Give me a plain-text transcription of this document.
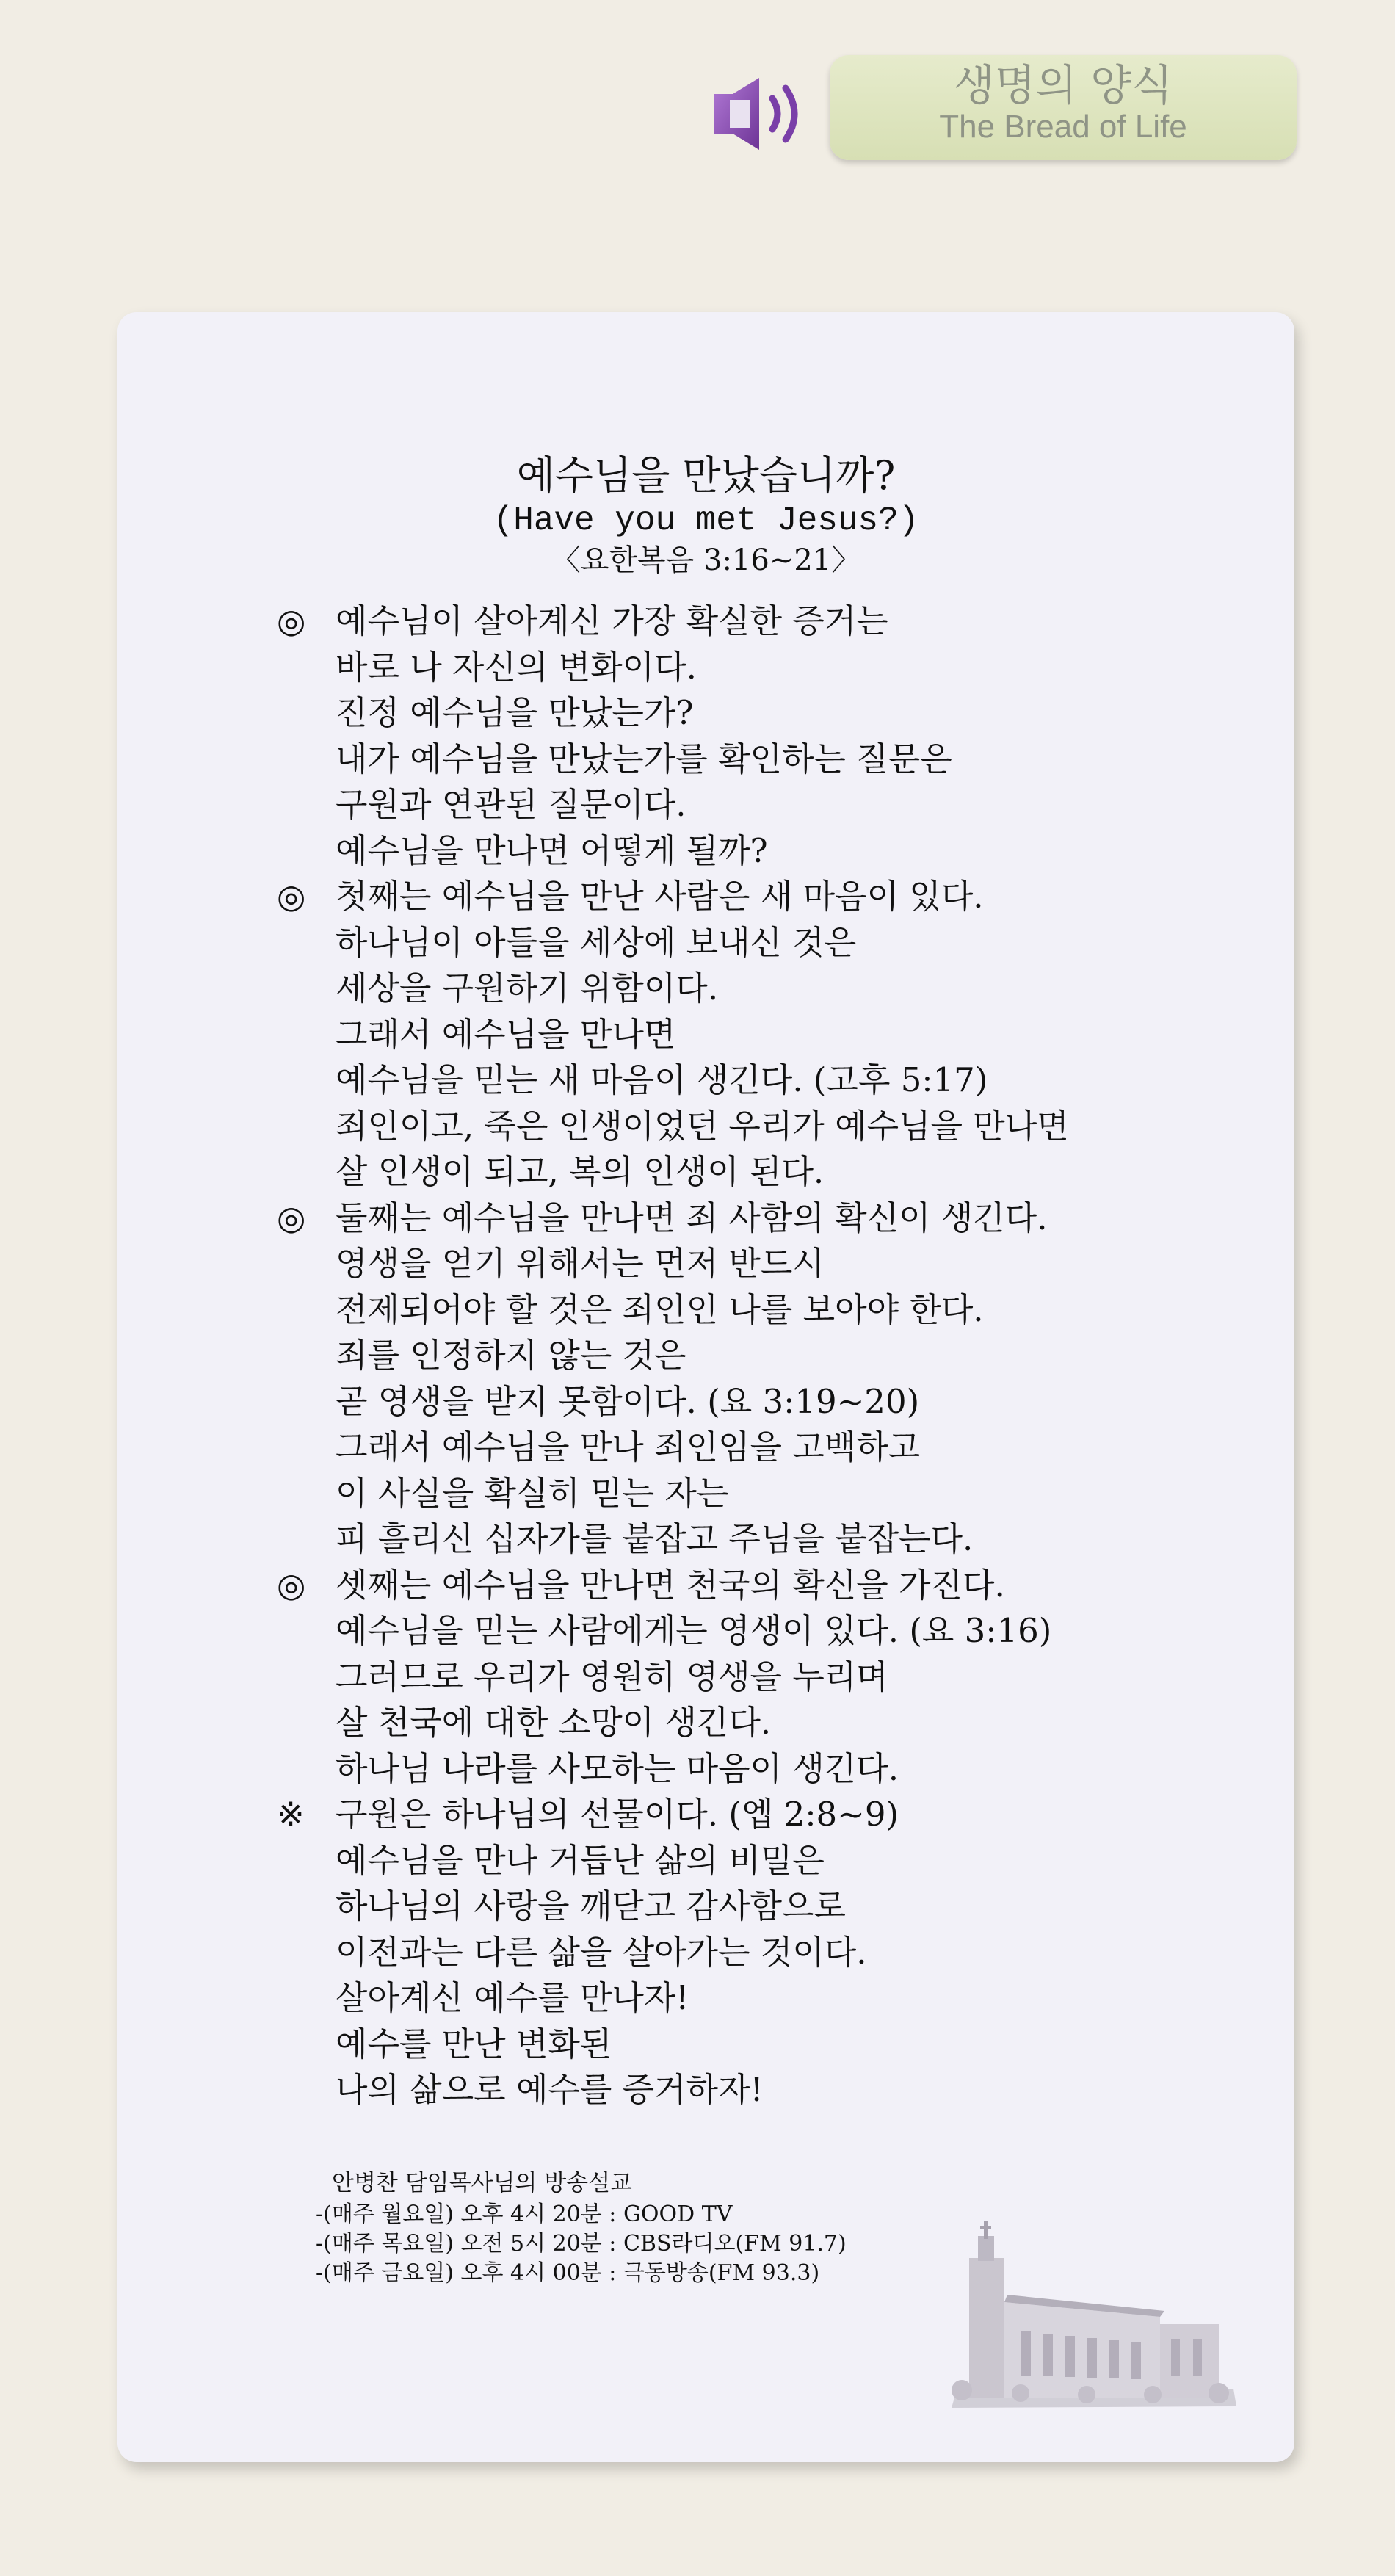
생명의 양식
The Bread of Life
예수님을 만났습니까?
(Have you met Jesus?)
〈요한복음 3:16~21〉
◎ 예수님이 살아계신 가장 확실한 증거는
바로 나 자신의 변화이다.
진정 예수님을 만났는가?
내가 예수님을 만났는가를 확인하는 질문은
구원과 연관된 질문이다.
예수님을 만나면 어떻게 될까?
◎ 첫째는 예수님을 만난 사람은 새 마음이 있다.
하나님이 아들을 세상에 보내신 것은
세상을 구원하기 위함이다.
그래서 예수님을 만나면
예수님을 믿는 새 마음이 생긴다. (고후 5:17)
죄인이고, 죽은 인생이었던 우리가 예수님을 만나면
살 인생이 되고, 복의 인생이 된다.
◎ 둘째는 예수님을 만나면 죄 사함의 확신이 생긴다.
영생을 얻기 위해서는 먼저 반드시
전제되어야 할 것은 죄인인 나를 보아야 한다.
죄를 인정하지 않는 것은
곧 영생을 받지 못함이다. (요 3:19~20)
그래서 예수님을 만나 죄인임을 고백하고
이 사실을 확실히 믿는 자는
피 흘리신 십자가를 붙잡고 주님을 붙잡는다.
◎ 셋째는 예수님을 만나면 천국의 확신을 가진다.
예수님을 믿는 사람에게는 영생이 있다. (요 3:16)
그러므로 우리가 영원히 영생을 누리며
살 천국에 대한 소망이 생긴다.
하나님 나라를 사모하는 마음이 생긴다.
※ 구원은 하나님의 선물이다. (엡 2:8~9)
예수님을 만나 거듭난 삶의 비밀은
하나님의 사랑을 깨닫고 감사함으로
이전과는 다른 삶을 살아가는 것이다.
살아계신 예수를 만나자!
예수를 만난 변화된
나의 삶으로 예수를 증거하자!
안병찬 담임목사님의 방송설교
-(매주 월요일) 오후 4시 20분 : GOOD TV
-(매주 목요일) 오전 5시 20분 : CBS라디오(FM 91.7)
-(매주 금요일) 오후 4시 00분 : 극동방송(FM 93.3)
